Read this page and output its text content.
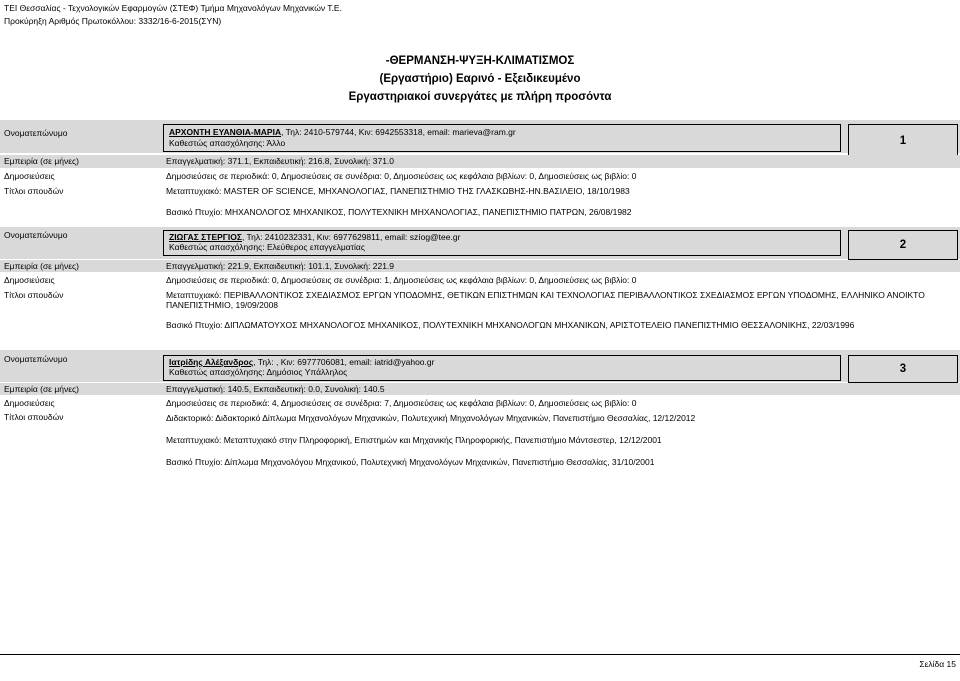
ΤΕΙ Θεσσαλίας - Τεχνολογικών Εφαρμογών (ΣΤΕΦ) Τμήμα Μηχανολόγων Μηχανικών Τ.Ε.
Προκύρηξη Αριθμός Πρωτοκόλλου: 3332/16-6-2015(ΣΥΝ)
-ΘΕΡΜΑΝΣΗ-ΨΥΞΗ-ΚΛΙΜΑΤΙΣΜΟΣ
(Εργαστήριο) Εαρινό - Εξειδικευμένο
Εργαστηριακοί συνεργάτες με πλήρη προσόντα
Ονοματεπώνυμο	ΑΡΧΟΝΤΗ ΕΥΑΝΘΙΑ-ΜΑΡΙΑ, Τηλ: 2410-579744, Κιν: 6942553318, email: marieva@ram.gr
Καθεστώς απασχόλησης: Άλλο	1
Εμπειρία (σε μήνες)	Επαγγελματική: 371.1, Εκπαιδευτική: 216.8, Συνολική: 371.0
Δημοσιεύσεις	Δημοσιεύσεις σε περιοδικά: 0, Δημοσιεύσεις σε συνέδρια: 0, Δημοσιεύσεις ως κεφάλαια βιβλίων: 0, Δημοσιεύσεις ως βιβλίο: 0
Τίτλοι σπουδών	Μεταπτυχιακό: MASTER OF SCIENCE, ΜΗΧΑΝΟΛΟΓΙΑΣ, ΠΑΝΕΠΙΣΤΗΜΙΟ ΤΗΣ ΓΛΑΣΚΩΒΗΣ-ΗΝ.ΒΑΣΙΛΕΙΟ, 18/10/1983
Βασικό Πτυχίο: ΜΗΧΑΝΟΛΟΓΟΣ ΜΗΧΑΝΙΚΟΣ, ΠΟΛΥΤΕΧΝΙΚΗ ΜΗΧΑΝΟΛΟΓΙΑΣ, ΠΑΝΕΠΙΣΤΗΜΙΟ ΠΑΤΡΩΝ, 26/08/1982
Ονοματεπώνυμο	ΖΙΩΓΑΣ ΣΤΕΡΓΙΟΣ, Τηλ: 2410232331, Κιν: 6977629811, email: szíog@tee.gr
Καθεστώς απασχόλησης: Ελεύθερος επαγγελματίας	2
Εμπειρία (σε μήνες)	Επαγγελματική: 221.9, Εκπαιδευτική: 101.1, Συνολική: 221.9
Δημοσιεύσεις	Δημοσιεύσεις σε περιοδικά: 0, Δημοσιεύσεις σε συνέδρια: 1, Δημοσιεύσεις ως κεφάλαια βιβλίων: 0, Δημοσιεύσεις ως βιβλίο: 0
Τίτλοι σπουδών	Μεταπτυχιακό: ΠΕΡΙΒΑΛΛΟΝΤΙΚΟΣ ΣΧΕΔΙΑΣΜΟΣ ΕΡΓΩΝ ΥΠΟΔΟΜΗΣ, ΘΕΤΙΚΩΝ ΕΠΙΣΤΗΜΩΝ ΚΑΙ ΤΕΧΝΟΛΟΓΙΑΣ ΠΕΡΙΒΑΛΛΟΝΤΙΚΟΣ ΣΧΕΔΙΑΣΜΟΣ ΕΡΓΩΝ ΥΠΟΔΟΜΗΣ, ΕΛΛΗΝΙΚΟ ΑΝΟΙΚΤΟ ΠΑΝΕΠΙΣΤΗΜΙΟ, 19/09/2008
Βασικό Πτυχίο: ΔΙΠΛΩΜΑΤΟΥΧΟΣ ΜΗΧΑΝΟΛΟΓΟΣ ΜΗΧΑΝΙΚΟΣ, ΠΟΛΥΤΕΧΝΙΚΗ ΜΗΧΑΝΟΛΟΓΩΝ ΜΗΧΑΝΙΚΩΝ, ΑΡΙΣΤΟΤΕΛΕΙΟ ΠΑΝΕΠΙΣΤΗΜΙΟ ΘΕΣΣΑΛΟΝΙΚΗΣ, 22/03/1996
Ονοματεπώνυμο	Ιατρίδης Αλέξανδρος, Τηλ: , Κιν: 6977706081, email: iatrid@yahoo.gr
Καθεστώς απασχόλησης: Δημόσιος Υπάλληλος	3
Εμπειρία (σε μήνες)	Επαγγελματική: 140.5, Εκπαιδευτική: 0.0, Συνολική: 140.5
Δημοσιεύσεις	Δημοσιεύσεις σε περιοδικά: 4, Δημοσιεύσεις σε συνέδρια: 7, Δημοσιεύσεις ως κεφάλαια βιβλίων: 0, Δημοσιεύσεις ως βιβλίο: 0
Τίτλοι σπουδών	Διδακτορικό: Διδακτορικό Δίπλωμα Μηχανολόγων Μηχανικών, Πολυτεχνική Μηχανολόγων Μηχανικών, Πανεπιστήμιο Θεσσαλίας, 12/12/2012
Μεταπτυχιακό: Μεταπτυχιακό στην Πληροφορική, Επιστημών και Μηχανικής Πληροφορικής, Πανεπιστήμιο Μάντσεστερ, 12/12/2001
Βασικό Πτυχίο: Δίπλωμα Μηχανολόγου Μηχανικού, Πολυτεχνική Μηχανολόγων Μηχανικών, Πανεπιστήμιο Θεσσαλίας, 31/10/2001
Σελίδα 15
